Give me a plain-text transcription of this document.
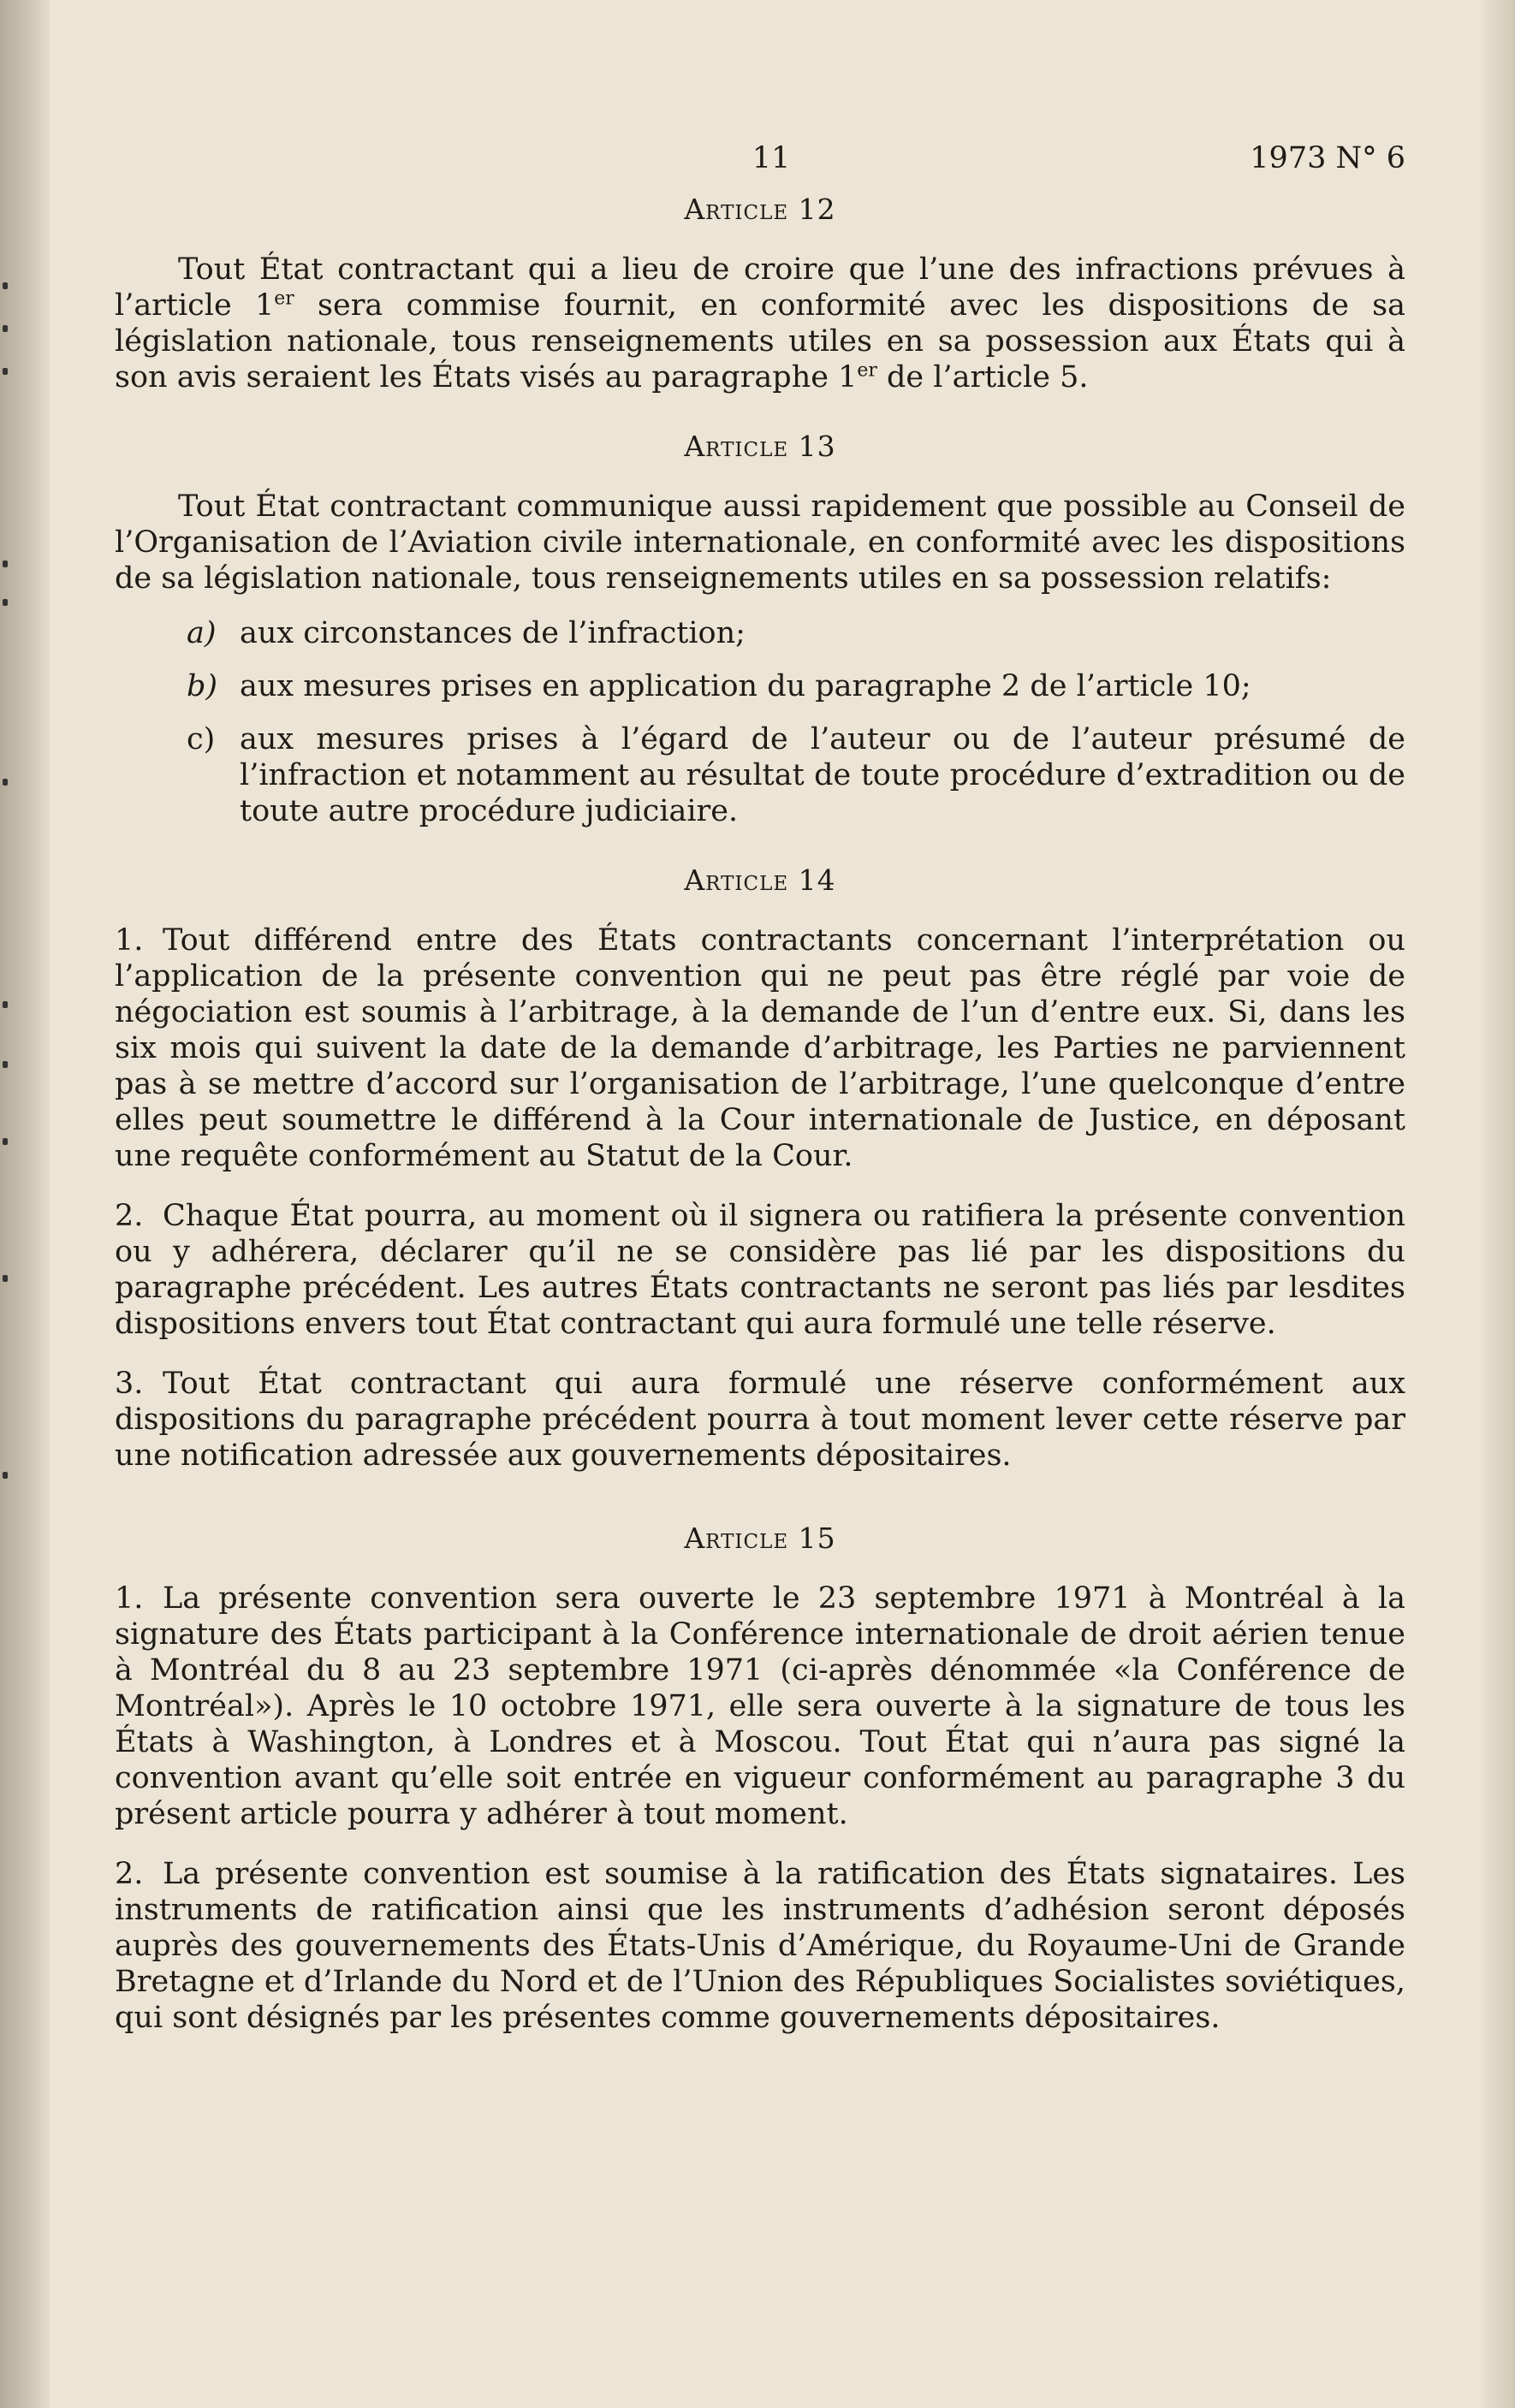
11	1973 N° 6
Article 12

Tout État contractant qui a lieu de croire que l’une des infractions prévues à l’article 1er sera commise fournit, en conformité avec les dispositions de sa législation nationale, tous renseignements utiles en sa possession aux États qui à son avis seraient les États visés au paragraphe 1er de l’article 5.

Article 13

Tout État contractant communique aussi rapidement que possible au Conseil de l’Organisation de l’Aviation civile internationale, en conformité avec les dispositions de sa législation nationale, tous renseignements utiles en sa possession relatifs:

a) aux circonstances de l’infraction;
b) aux mesures prises en application du paragraphe 2 de l’article 10;
c) aux mesures prises à l’égard de l’auteur ou de l’auteur présumé de l’infraction et notamment au résultat de toute procédure d’extradition ou de toute autre procédure judiciaire.
Article 14

1. Tout différend entre des États contractants concernant l’interprétation ou l’application de la présente convention qui ne peut pas être réglé par voie de négociation est soumis à l’arbitrage, à la demande de l’un d’entre eux. Si, dans les six mois qui suivent la date de la demande d’arbitrage, les Parties ne parviennent pas à se mettre d’accord sur l’organisation de l’arbitrage, l’une quelconque d’entre elles peut soumettre le différend à la Cour internationale de Justice, en déposant une requête conformément au Statut de la Cour.

2. Chaque État pourra, au moment où il signera ou ratifiera la présente convention ou y adhérera, déclarer qu’il ne se considère pas lié par les dispositions du paragraphe précédent. Les autres États contractants ne seront pas liés par lesdites dispositions envers tout État contractant qui aura formulé une telle réserve.

3. Tout État contractant qui aura formulé une réserve conformément aux dispositions du paragraphe précédent pourra à tout moment lever cette réserve par une notification adressée aux gouvernements dépositaires.

Article 15

1. La présente convention sera ouverte le 23 septembre 1971 à Montréal à la signature des États participant à la Conférence internationale de droit aérien tenue à Montréal du 8 au 23 septembre 1971 (ci-après dénommée «la Conférence de Montréal»). Après le 10 octobre 1971, elle sera ouverte à la signature de tous les États à Washington, à Londres et à Moscou. Tout État qui n’aura pas signé la convention avant qu’elle soit entrée en vigueur conformément au paragraphe 3 du présent article pourra y adhérer à tout moment.

2. La présente convention est soumise à la ratification des États signataires. Les instruments de ratification ainsi que les instruments d’adhésion seront déposés auprès des gouvernements des États-Unis d’Amérique, du Royaume-Uni de Grande Bretagne et d’Irlande du Nord et de l’Union des Républiques Socialistes soviétiques, qui sont désignés par les présentes comme gouvernements dépositaires.
